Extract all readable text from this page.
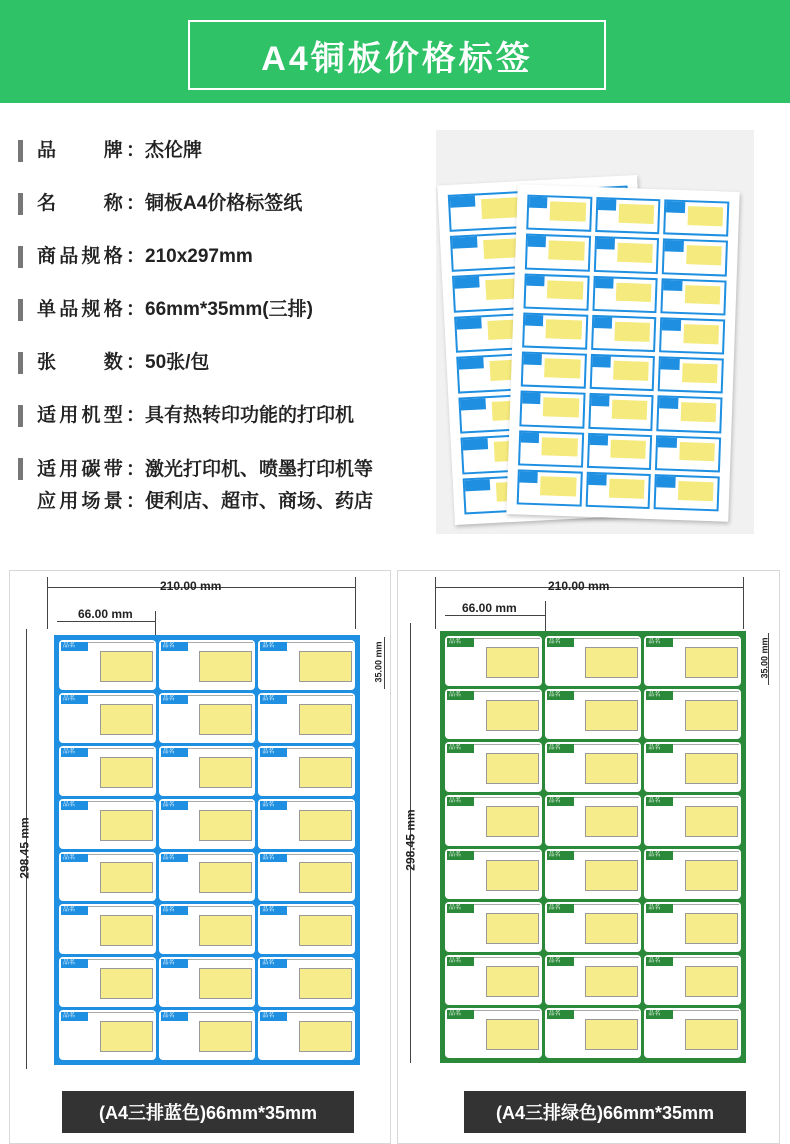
A4铜板价格标签
品　　牌：杰伦牌
名　　称：铜板A4价格标签纸
商品规格：210x297mm
单品规格：66mm*35mm(三排)
张　　数：50张/包
适用机型：具有热转印功能的打印机
适用碳带： 激光打印机、喷墨打印机等
应用场景： 便利店、超市、商场、药店
210.00 mm
66.00 mm
298.45 mm
35.00 mm
品名	品名	品名
品名	品名	品名
品名	品名	品名
品名	品名	品名
品名	品名	品名
品名	品名	品名
品名	品名	品名
品名	品名	品名
(A4三排蓝色)66mm*35mm
210.00 mm
66.00 mm
298.45 mm
35.00 mm
品名	品名	品名
品名	品名	品名
品名	品名	品名
品名	品名	品名
品名	品名	品名
品名	品名	品名
品名	品名	品名
品名	品名	品名
(A4三排绿色)66mm*35mm
